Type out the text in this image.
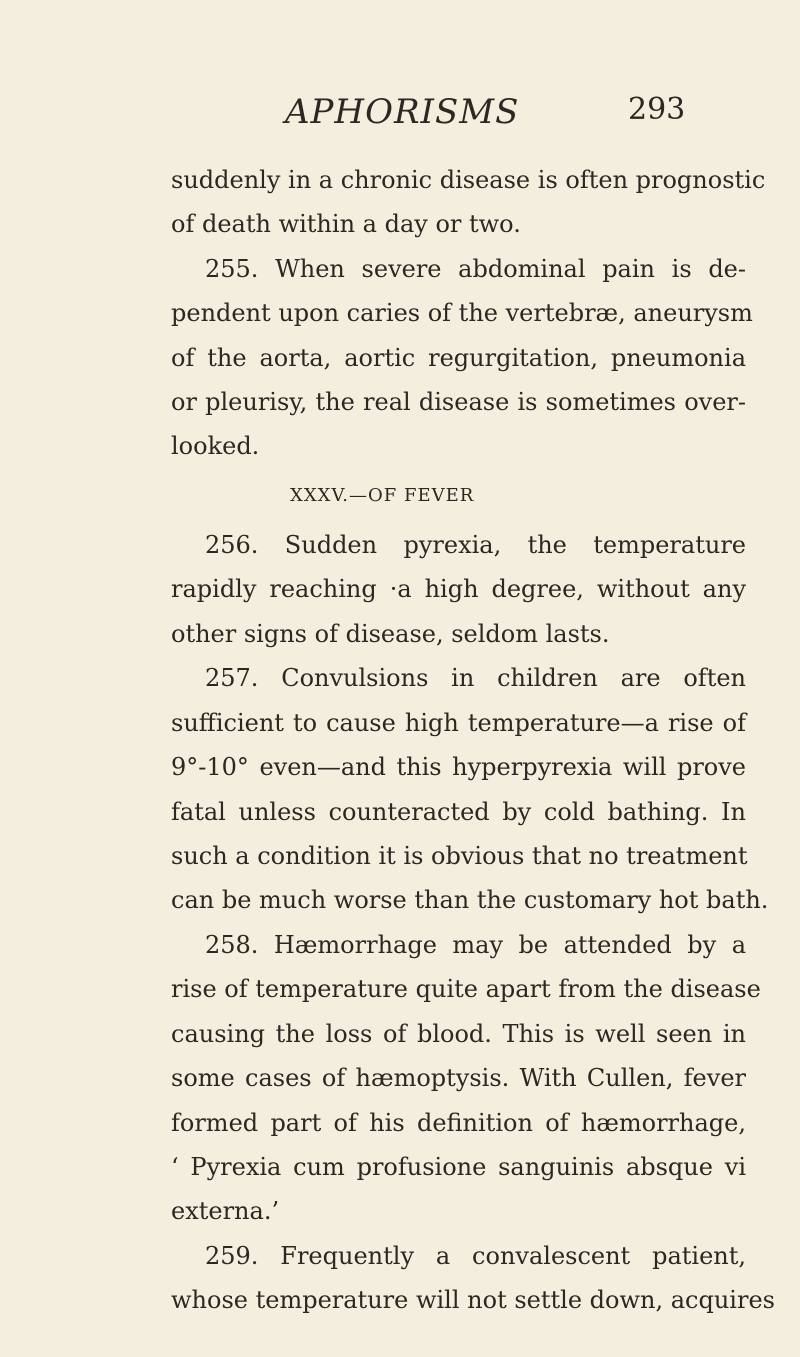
APHORISMS	293
suddenly in a chronic disease is often prognostic
of death within a day or two.
255. When severe abdominal pain is de-
pendent upon caries of the vertebræ, aneurysm
of the aorta, aortic regurgitation, pneumonia
or pleurisy, the real disease is sometimes over-
looked.
XXXV.—OF FEVER
256. Sudden pyrexia, the temperature
rapidly reaching ·a high degree, without any
other signs of disease, seldom lasts.
257. Convulsions in children are often
sufficient to cause high temperature—a rise of
9°-10° even—and this hyperpyrexia will prove
fatal unless counteracted by cold bathing. In
such a condition it is obvious that no treatment
can be much worse than the customary hot bath.
258. Hæmorrhage may be attended by a
rise of temperature quite apart from the disease
causing the loss of blood. This is well seen in
some cases of hæmoptysis. With Cullen, fever
formed part of his definition of hæmorrhage,
‘ Pyrexia cum profusione sanguinis absque vi
externa.’
259. Frequently a convalescent patient,
whose temperature will not settle down, acquires
